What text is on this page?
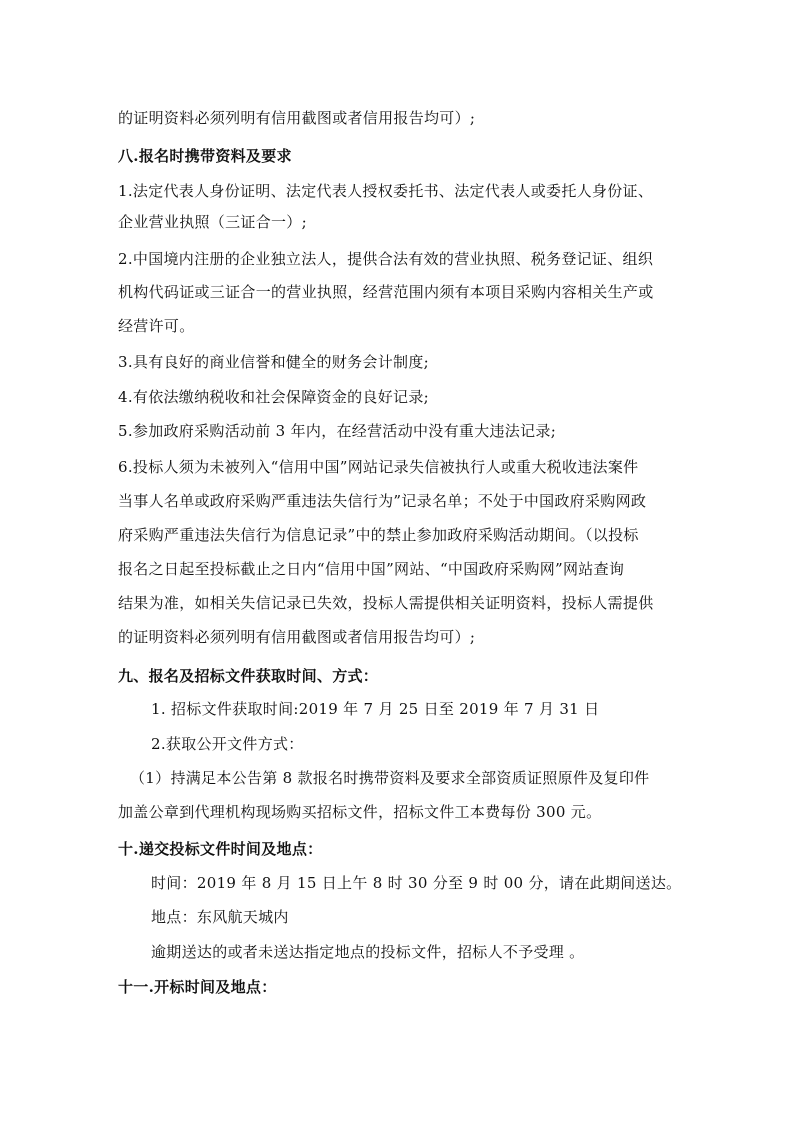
的证明资料必须列明有信用截图或者信用报告均可）;
八.报名时携带资料及要求
1.法定代表人身份证明、法定代表人授权委托书、法定代表人或委托人身份证、
企业营业执照（三证合一）;
2.中国境内注册的企业独立法人，提供合法有效的营业执照、税务登记证、组织
机构代码证或三证合一的营业执照，经营范围内须有本项目采购内容相关生产或
经营许可。
3.具有良好的商业信誉和健全的财务会计制度;
4.有依法缴纳税收和社会保障资金的良好记录;
5.参加政府采购活动前 3 年内，在经营活动中没有重大违法记录;
6.投标人须为未被列入“信用中国”网站记录失信被执行人或重大税收违法案件
当事人名单或政府采购严重违法失信行为”记录名单；不处于中国政府采购网政
府采购严重违法失信行为信息记录”中的禁止参加政府采购活动期间。（以投标
报名之日起至投标截止之日内“信用中国”网站、“中国政府采购网”网站查询
结果为准，如相关失信记录已失效，投标人需提供相关证明资料，投标人需提供
的证明资料必须列明有信用截图或者信用报告均可）;
九、报名及招标文件获取时间、方式：
1. 招标文件获取时间:2019 年 7 月 25 日至 2019 年 7 月 31 日
2.获取公开文件方式：
（1）持满足本公告第 8 款报名时携带资料及要求全部资质证照原件及复印件
加盖公章到代理机构现场购买招标文件，招标文件工本费每份 300 元。
十.递交投标文件时间及地点：
时间：2019 年 8 月 15 日上午 8 时 30 分至 9 时 00 分，请在此期间送达。
地点：东风航天城内
逾期送达的或者未送达指定地点的投标文件，招标人不予受理 。
十一.开标时间及地点：
